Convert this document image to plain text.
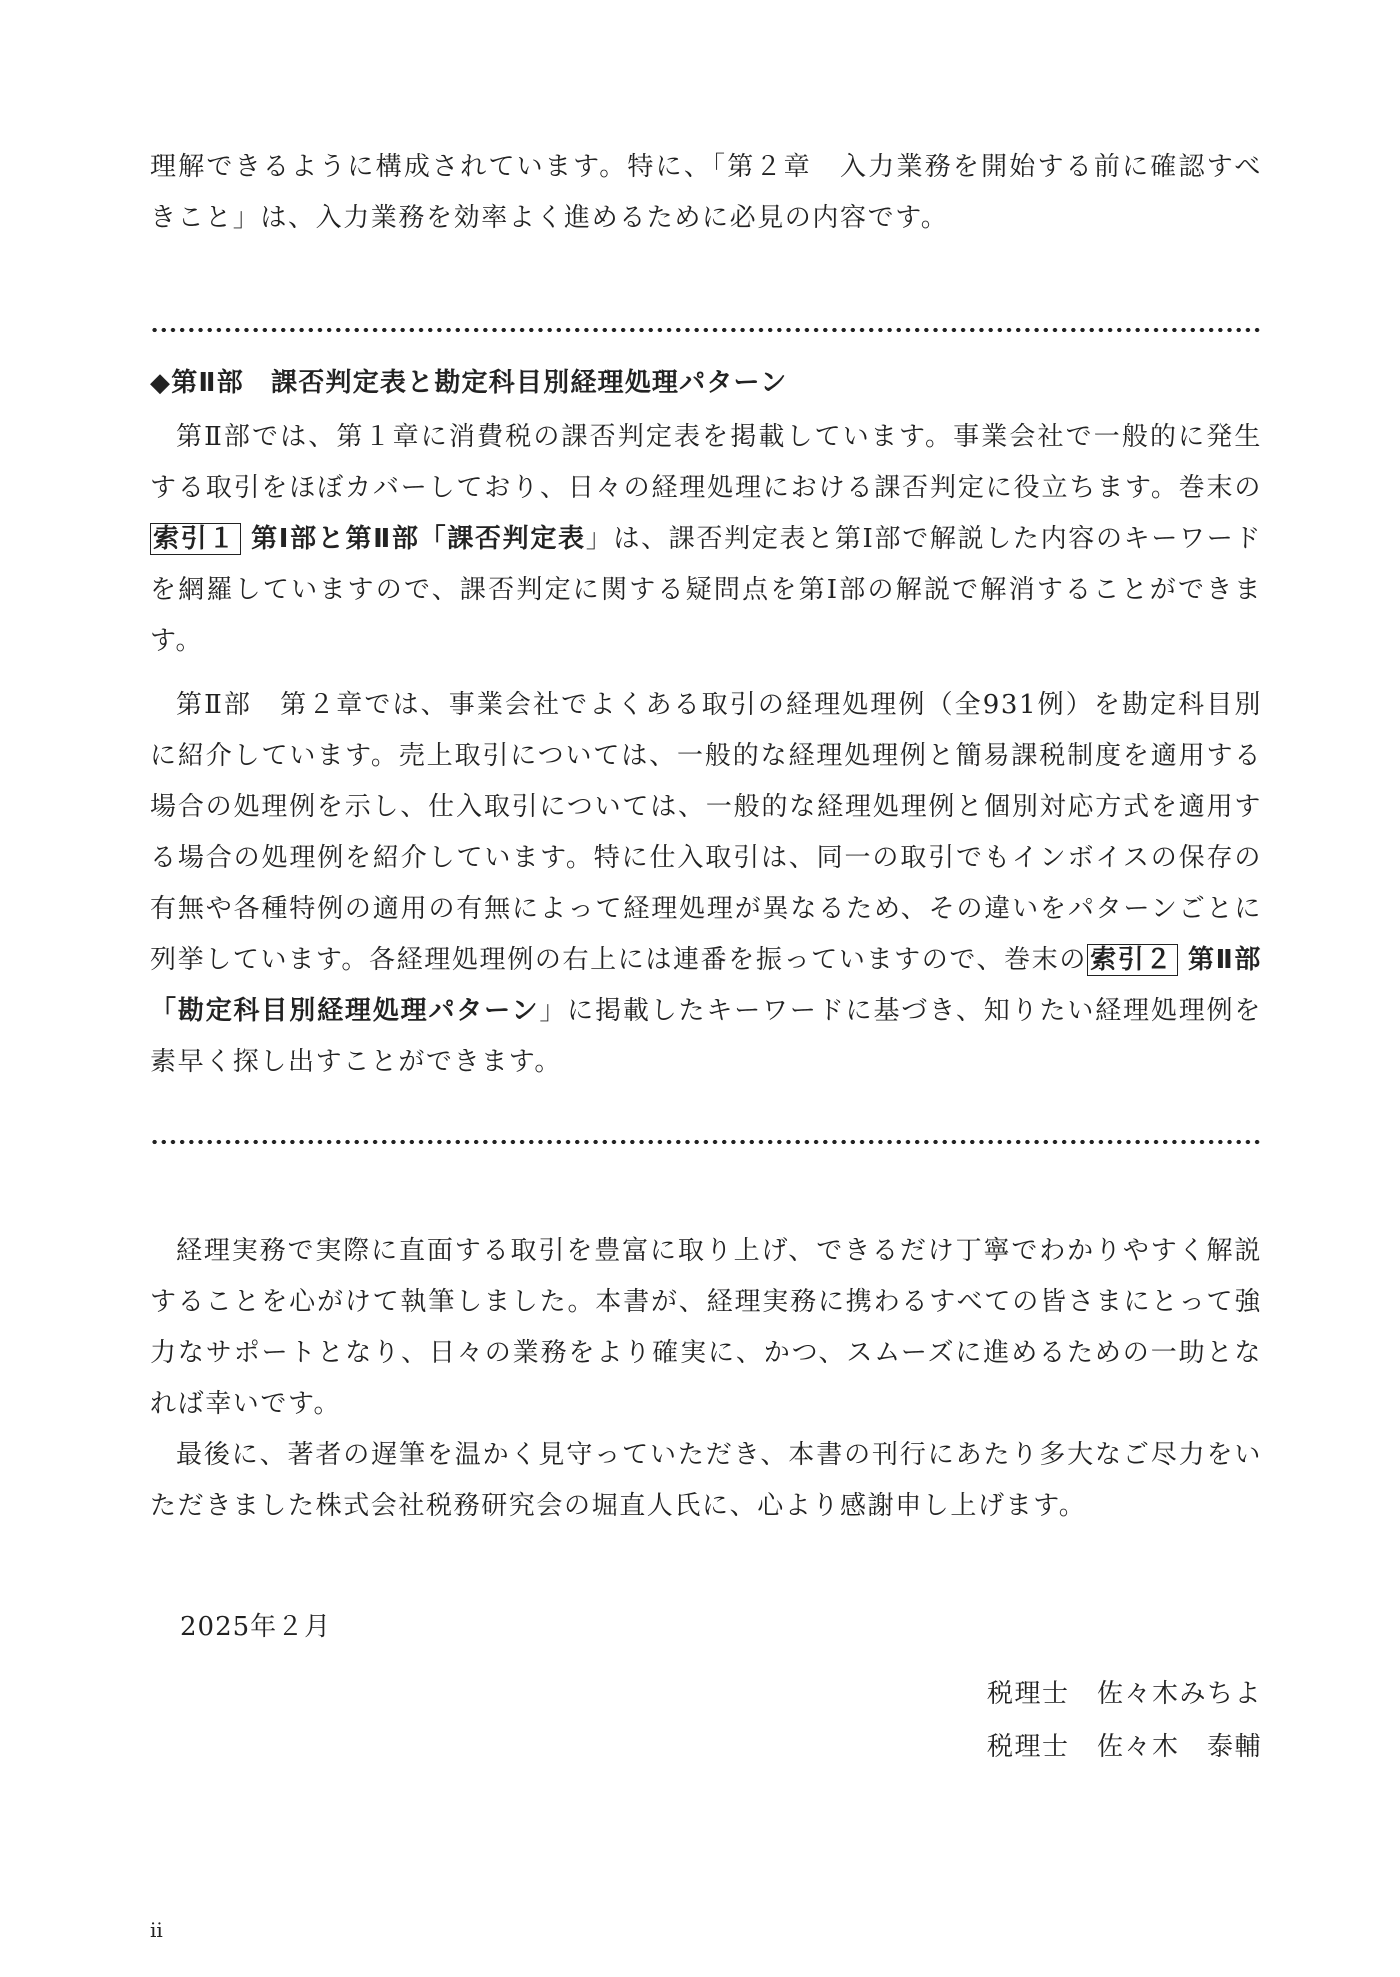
理解できるように構成されています。特に、「第２章　入力業務を開始する前に確認すべきこと」は、入力業務を効率よく進めるために必見の内容です。

◆第Ⅱ部　課否判定表と勘定科目別経理処理パターン

第Ⅱ部では、第１章に消費税の課否判定表を掲載しています。事業会社で一般的に発生する取引をほぼカバーしており、日々の経理処理における課否判定に役立ちます。巻末の索引１ 第Ⅰ部と第Ⅱ部「課否判定表」は、課否判定表と第Ⅰ部で解説した内容のキーワードを網羅していますので、課否判定に関する疑問点を第Ⅰ部の解説で解消することができます。

第Ⅱ部　第２章では、事業会社でよくある取引の経理処理例（全931例）を勘定科目別に紹介しています。売上取引については、一般的な経理処理例と簡易課税制度を適用する場合の処理例を示し、仕入取引については、一般的な経理処理例と個別対応方式を適用する場合の処理例を紹介しています。特に仕入取引は、同一の取引でもインボイスの保存の有無や各種特例の適用の有無によって経理処理が異なるため、その違いをパターンごとに列挙しています。各経理処理例の右上には連番を振っていますので、巻末の 索引２ 第Ⅱ部「勘定科目別経理処理パターン」に掲載したキーワードに基づき、知りたい経理処理例を素早く探し出すことができます。

経理実務で実際に直面する取引を豊富に取り上げ、できるだけ丁寧でわかりやすく解説することを心がけて執筆しました。本書が、経理実務に携わるすべての皆さまにとって強力なサポートとなり、日々の業務をより確実に、かつ、スムーズに進めるための一助となれば幸いです。

最後に、著者の遅筆を温かく見守っていただき、本書の刊行にあたり多大なご尽力をいただきました株式会社税務研究会の堀直人氏に、心より感謝申し上げます。

2025年２月
税理士　佐々木みちよ
税理士　佐々木　泰輔
ii
